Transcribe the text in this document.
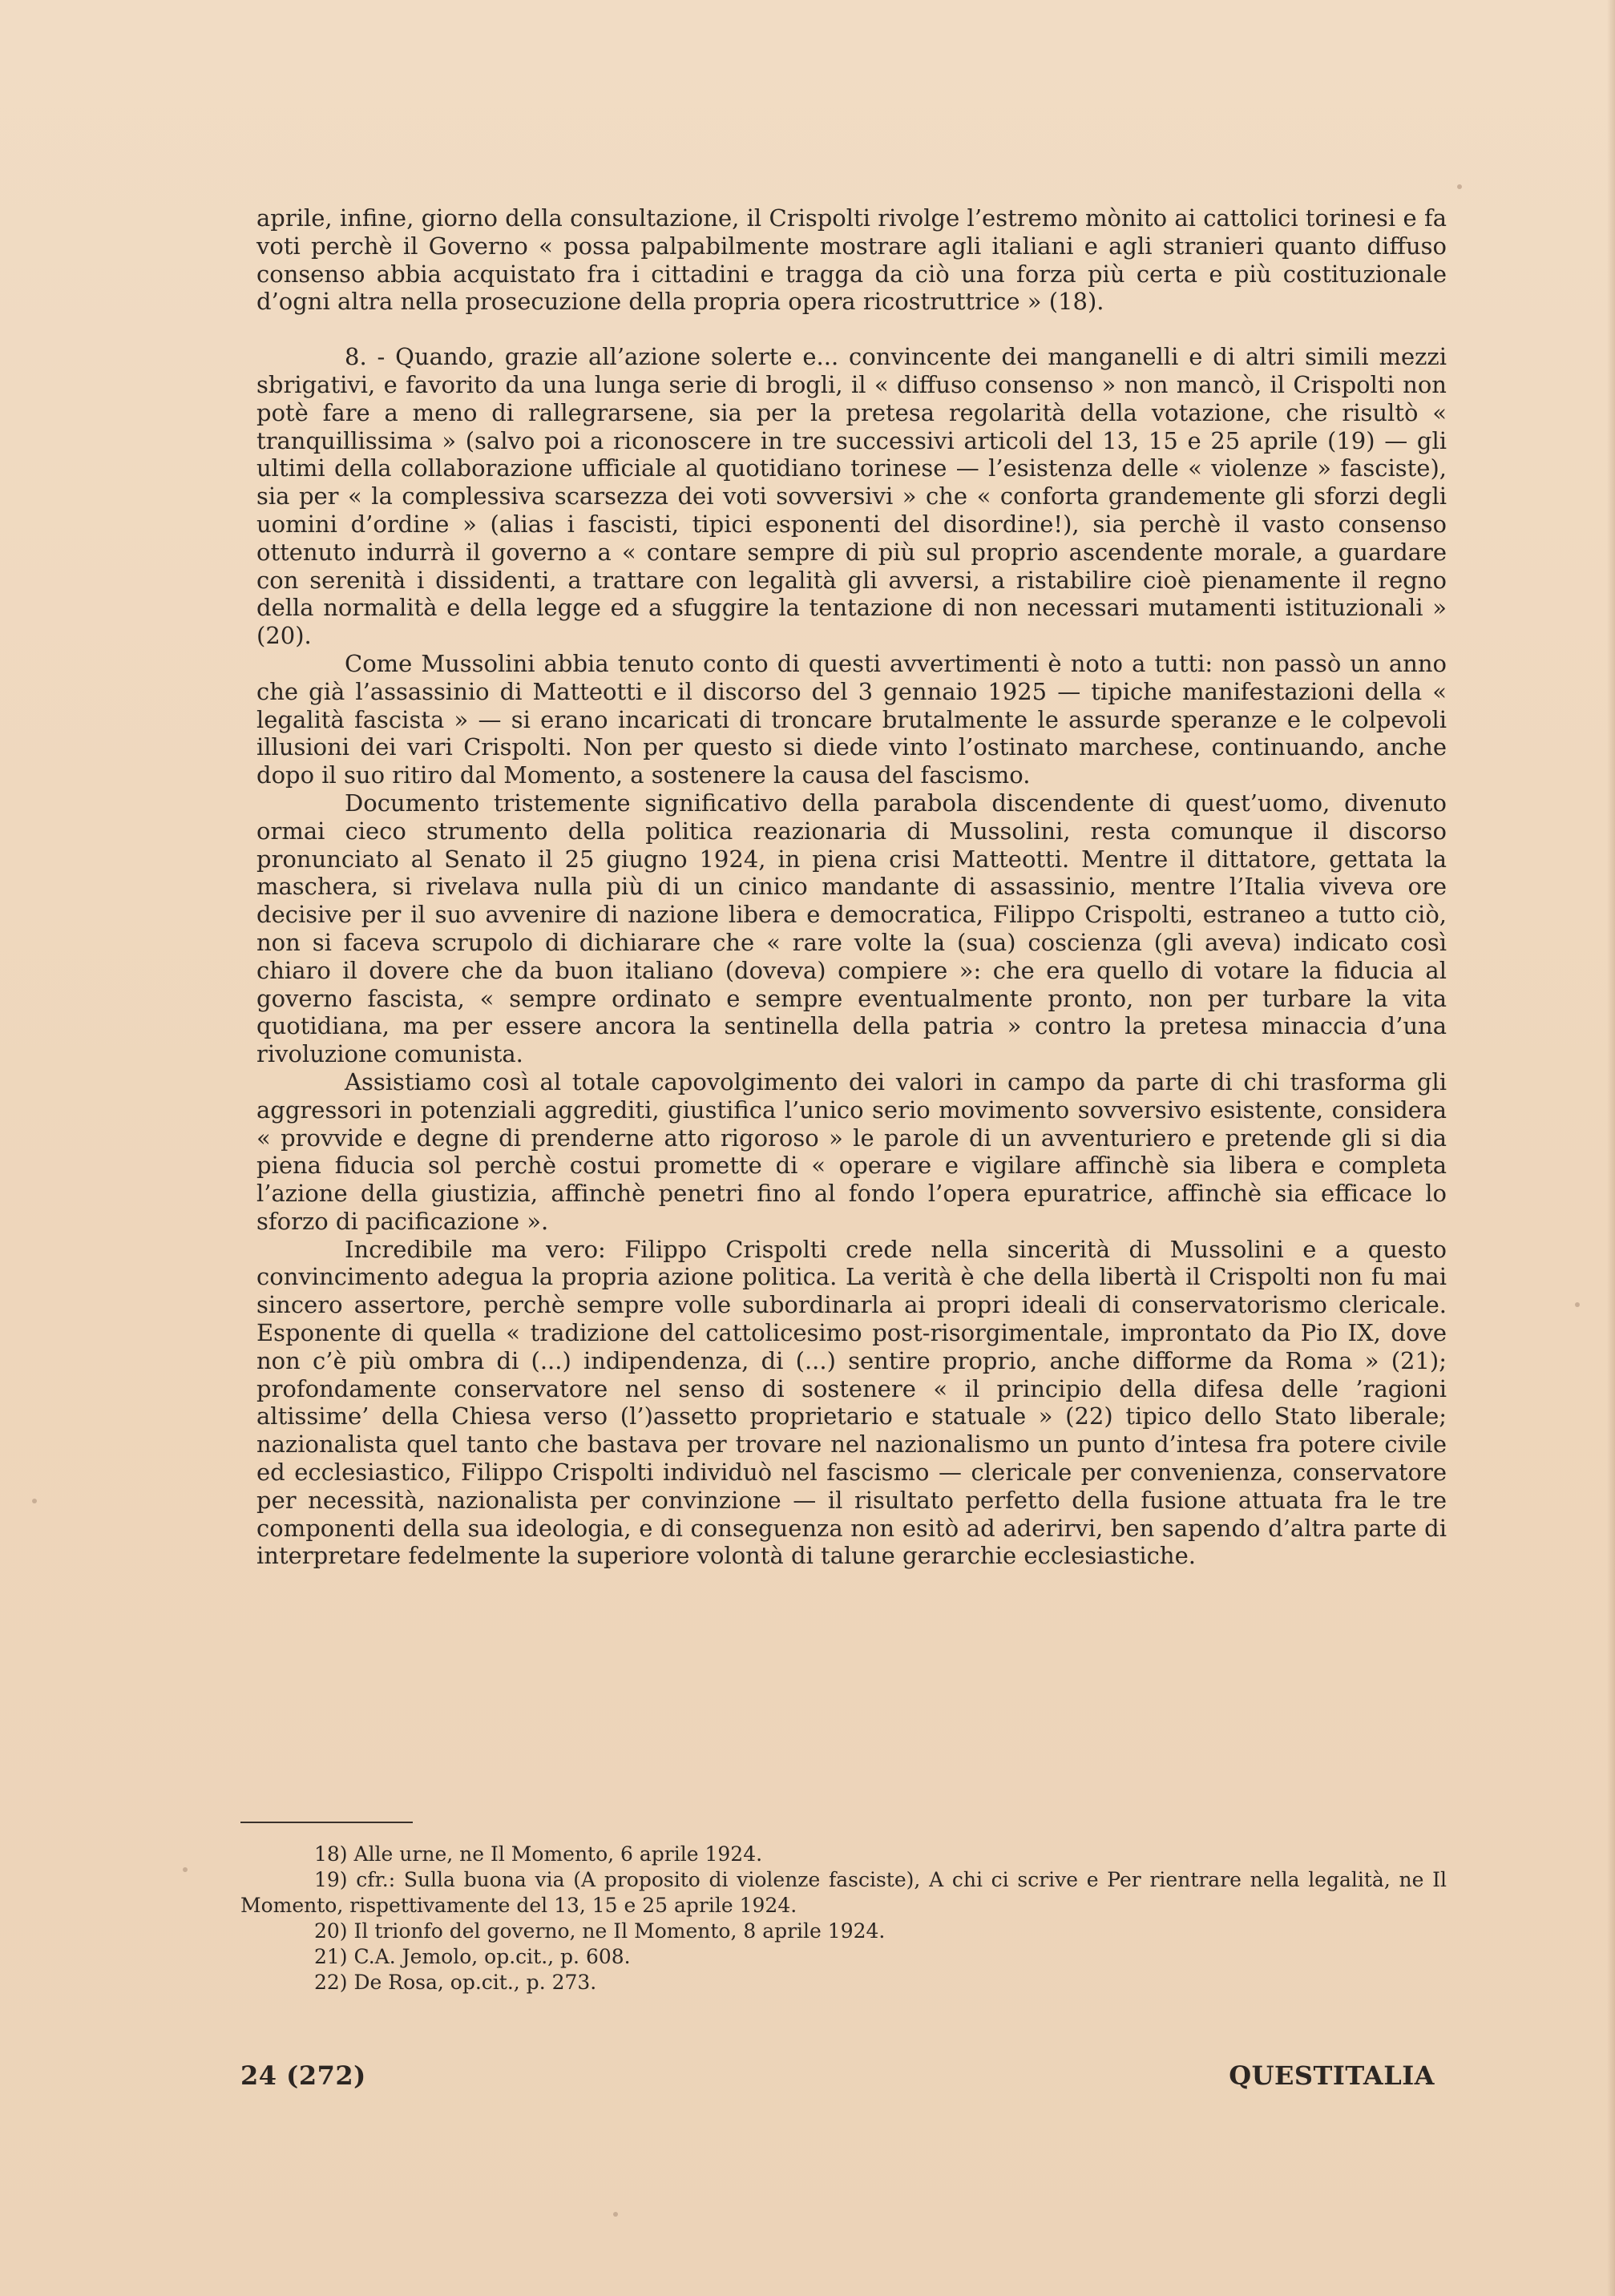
aprile, infine, giorno della consultazione, il Crispolti rivolge l’estremo mònito ai cattolici torinesi e fa voti perchè il Governo « possa palpabilmente mostrare agli italiani e agli stranieri quanto diffuso consenso abbia acquistato fra i cittadini e tragga da ciò una forza più certa e più costituzionale d’ogni altra nella prosecuzione della propria opera ricostruttrice » (18).

8. - Quando, grazie all’azione solerte e... convincente dei manganelli e di altri simili mezzi sbrigativi, e favorito da una lunga serie di brogli, il « diffuso consenso » non mancò, il Crispolti non potè fare a meno di rallegrarsene, sia per la pretesa regolarità della votazione, che risultò « tranquillissima » (salvo poi a riconoscere in tre successivi articoli del 13, 15 e 25 aprile (19) — gli ultimi della collaborazione ufficiale al quotidiano torinese — l’esistenza delle « violenze » fasciste), sia per « la complessiva scarsezza dei voti sovversivi » che « conforta grandemente gli sforzi degli uomini d’ordine » (alias i fascisti, tipici esponenti del disordine!), sia perchè il vasto consenso ottenuto indurrà il governo a « contare sempre di più sul proprio ascendente morale, a guardare con serenità i dissidenti, a trattare con legalità gli avversi, a ristabilire cioè pienamente il regno della normalità e della legge ed a sfuggire la tentazione di non necessari mutamenti istituzionali » (20).

Come Mussolini abbia tenuto conto di questi avvertimenti è noto a tutti: non passò un anno che già l’assassinio di Matteotti e il discorso del 3 gennaio 1925 — tipiche manifestazioni della « legalità fascista » — si erano incaricati di troncare brutalmente le assurde speranze e le colpevoli illusioni dei vari Crispolti. Non per questo si diede vinto l’ostinato marchese, continuando, anche dopo il suo ritiro dal Momento, a sostenere la causa del fascismo.

Documento tristemente significativo della parabola discendente di quest’uomo, divenuto ormai cieco strumento della politica reazionaria di Mussolini, resta comunque il discorso pronunciato al Senato il 25 giugno 1924, in piena crisi Matteotti. Mentre il dittatore, gettata la maschera, si rivelava nulla più di un cinico mandante di assassinio, mentre l’Italia viveva ore decisive per il suo avvenire di nazione libera e democratica, Filippo Crispolti, estraneo a tutto ciò, non si faceva scrupolo di dichiarare che « rare volte la (sua) coscienza (gli aveva) indicato così chiaro il dovere che da buon italiano (doveva) compiere »: che era quello di votare la fiducia al governo fascista, « sempre ordinato e sempre eventualmente pronto, non per turbare la vita quotidiana, ma per essere ancora la sentinella della patria » contro la pretesa minaccia d’una rivoluzione comunista.

Assistiamo così al totale capovolgimento dei valori in campo da parte di chi trasforma gli aggressori in potenziali aggrediti, giustifica l’unico serio movimento sovversivo esistente, considera « provvide e degne di prenderne atto rigoroso » le parole di un avventuriero e pretende gli si dia piena fiducia sol perchè costui promette di « operare e vigilare affinchè sia libera e completa l’azione della giustizia, affinchè penetri fino al fondo l’opera epuratrice, affinchè sia efficace lo sforzo di pacificazione ».

Incredibile ma vero: Filippo Crispolti crede nella sincerità di Mussolini e a questo convincimento adegua la propria azione politica. La verità è che della libertà il Crispolti non fu mai sincero assertore, perchè sempre volle subordinarla ai propri ideali di conservatorismo clericale. Esponente di quella « tradizione del cattolicesimo post-risorgimentale, improntato da Pio IX, dove non c’è più ombra di (...) indipendenza, di (...) sentire proprio, anche difforme da Roma » (21); profondamente conservatore nel senso di sostenere « il principio della difesa delle ’ragioni altissime’ della Chiesa verso (l’)assetto proprietario e statuale » (22) tipico dello Stato liberale; nazionalista quel tanto che bastava per trovare nel nazionalismo un punto d’intesa fra potere civile ed ecclesiastico, Filippo Crispolti individuò nel fascismo — clericale per convenienza, conservatore per necessità, nazionalista per convinzione — il risultato perfetto della fusione attuata fra le tre componenti della sua ideologia, e di conseguenza non esitò ad aderirvi, ben sapendo d’altra parte di interpretare fedelmente la superiore volontà di talune gerarchie ecclesiastiche.

18) Alle urne, ne Il Momento, 6 aprile 1924.

19) cfr.: Sulla buona via (A proposito di violenze fasciste), A chi ci scrive e Per rientrare nella legalità, ne Il Momento, rispettivamente del 13, 15 e 25 aprile 1924.

20) Il trionfo del governo, ne Il Momento, 8 aprile 1924.

21) C.A. Jemolo, op.cit., p. 608.

22) De Rosa, op.cit., p. 273.

24 (272)	QUESTITALIA
